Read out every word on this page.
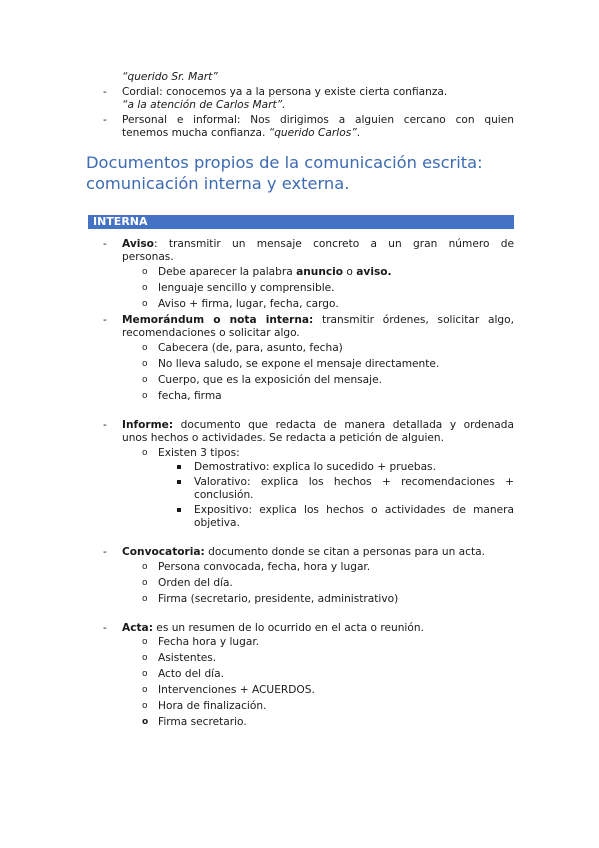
“querido Sr. Mart”
- Cordial: conocemos ya a la persona y existe cierta confianza.
“a la atención de Carlos Mart”.
- Personal e informal: Nos dirigimos a alguien cercano con quien
tenemos mucha confianza. “querido Carlos”.
Documentos propios de la comunicación escrita:
comunicación interna y externa.
INTERNA
- Aviso: transmitir un mensaje concreto a un gran número de
personas.
o Debe aparecer la palabra anuncio o aviso.
o lenguaje sencillo y comprensible.
o Aviso + firma, lugar, fecha, cargo.
- Memorándum o nota interna: transmitir órdenes, solicitar algo,
recomendaciones o solicitar algo.
o Cabecera (de, para, asunto, fecha)
o No lleva saludo, se expone el mensaje directamente.
o Cuerpo, que es la exposición del mensaje.
o fecha, firma
- Informe: documento que redacta de manera detallada y ordenada
unos hechos o actividades. Se redacta a petición de alguien.
o Existen 3 tipos:
Demostrativo: explica lo sucedido + pruebas.
Valorativo: explica los hechos + recomendaciones +
conclusión.
Expositivo: explica los hechos o actividades de manera
objetiva.
- Convocatoria: documento donde se citan a personas para un acta.
o Persona convocada, fecha, hora y lugar.
o Orden del día.
o Firma (secretario, presidente, administrativo)
- Acta: es un resumen de lo ocurrido en el acta o reunión.
o Fecha hora y lugar.
o Asistentes.
o Acto del día.
o Intervenciones + ACUERDOS.
o Hora de finalización.
o Firma secretario.
